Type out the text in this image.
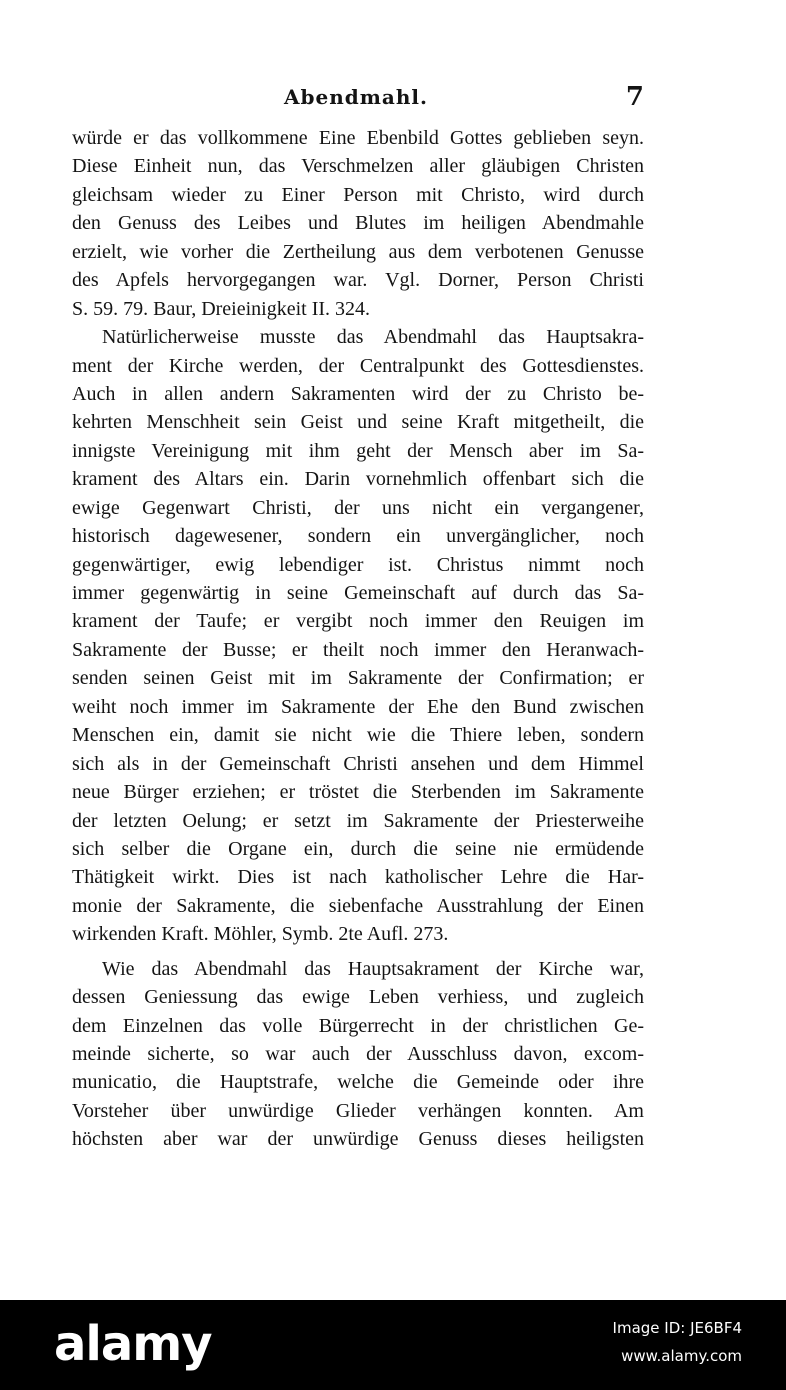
Abendmahl.	7
würde er das vollkommene Eine Ebenbild Gottes geblieben seyn.
Diese Einheit nun, das Verschmelzen aller gläubigen Christen
gleichsam wieder zu Einer Person mit Christo, wird durch
den Genuss des Leibes und Blutes im heiligen Abendmahle
erzielt, wie vorher die Zertheilung aus dem verbotenen Genusse
des Apfels hervorgegangen war. Vgl. Dorner, Person Christi
S. 59. 79. Baur, Dreieinigkeit II. 324.
Natürlicherweise musste das Abendmahl das Hauptsakra-
ment der Kirche werden, der Centralpunkt des Gottesdienstes.
Auch in allen andern Sakramenten wird der zu Christo be-
kehrten Menschheit sein Geist und seine Kraft mitgetheilt, die
innigste Vereinigung mit ihm geht der Mensch aber im Sa-
krament des Altars ein. Darin vornehmlich offenbart sich die
ewige Gegenwart Christi, der uns nicht ein vergangener,
historisch dagewesener, sondern ein unvergänglicher, noch
gegenwärtiger, ewig lebendiger ist. Christus nimmt noch
immer gegenwärtig in seine Gemeinschaft auf durch das Sa-
krament der Taufe; er vergibt noch immer den Reuigen im
Sakramente der Busse; er theilt noch immer den Heranwach-
senden seinen Geist mit im Sakramente der Confirmation; er
weiht noch immer im Sakramente der Ehe den Bund zwischen
Menschen ein, damit sie nicht wie die Thiere leben, sondern
sich als in der Gemeinschaft Christi ansehen und dem Himmel
neue Bürger erziehen; er tröstet die Sterbenden im Sakramente
der letzten Oelung; er setzt im Sakramente der Priesterweihe
sich selber die Organe ein, durch die seine nie ermüdende
Thätigkeit wirkt. Dies ist nach katholischer Lehre die Har-
monie der Sakramente, die siebenfache Ausstrahlung der Einen
wirkenden Kraft. Möhler, Symb. 2te Aufl. 273.
Wie das Abendmahl das Hauptsakrament der Kirche war,
dessen Geniessung das ewige Leben verhiess, und zugleich
dem Einzelnen das volle Bürgerrecht in der christlichen Ge-
meinde sicherte, so war auch der Ausschluss davon, excom-
municatio, die Hauptstrafe, welche die Gemeinde oder ihre
Vorsteher über unwürdige Glieder verhängen konnten. Am
höchsten aber war der unwürdige Genuss dieses heiligsten
alamy	Image ID: JE6BF4
www.alamy.com
